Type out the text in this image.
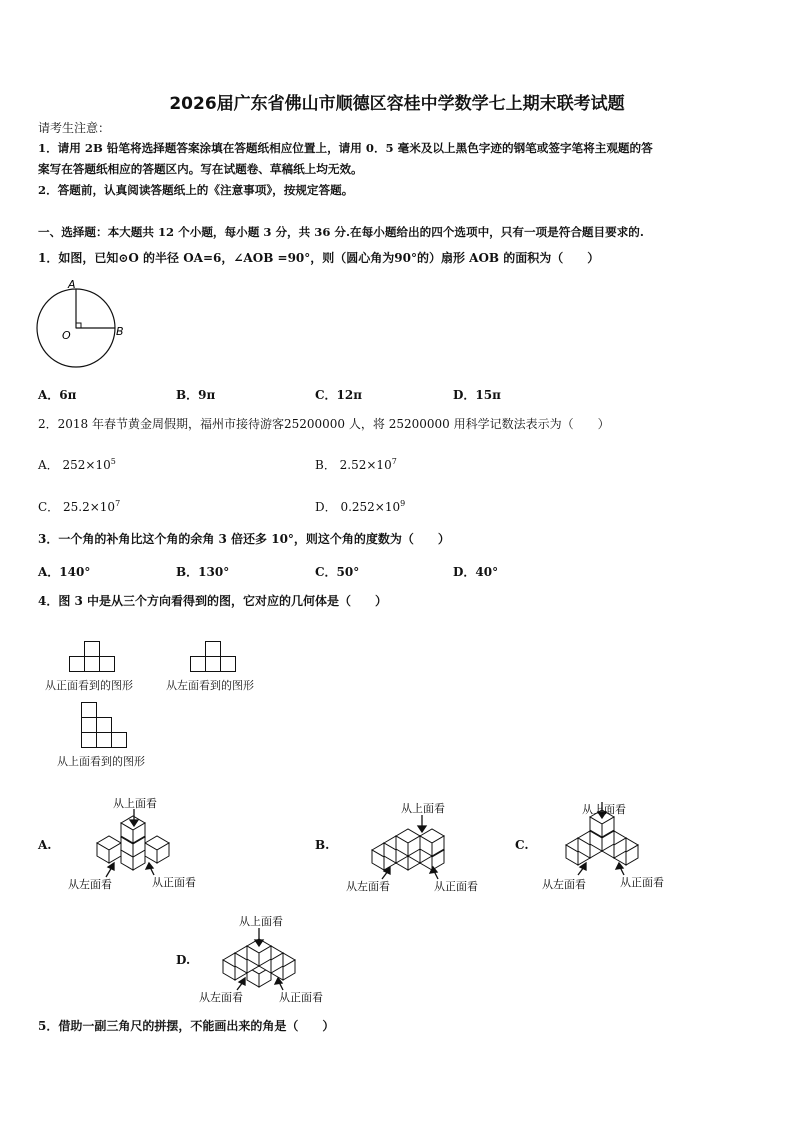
2026届广东省佛山市顺德区容桂中学数学七上期末联考试题
请考生注意：
1．请用 2B 铅笔将选择题答案涂填在答题纸相应位置上，请用 0．5 毫米及以上黑色字迹的钢笔或签字笔将主观题的答
案写在答题纸相应的答题区内。写在试题卷、草稿纸上均无效。
2．答题前，认真阅读答题纸上的《注意事项》，按规定答题。
一、选择题：本大题共 12 个小题，每小题 3 分，共 36 分.在每小题给出的四个选项中，只有一项是符合题目要求的.
1．如图，已知⊙O 的半径 OA=6，∠AOB =90°，则（圆心角为90°的）扇形 AOB 的面积为（　　）
A
B
O
A．6π	B．9π	C．12π	D．15π
2．2018 年春节黄金周假期，福州市接待游客25200000 人，将 25200000 用科学记数法表示为（　　）
A． $252\times 10^5$	B． $2.52\times 10^7$
C． $25.2\times 10^7$	D． $0.252\times 10^9$
3．一个角的补角比这个角的余角 3 倍还多 10°，则这个角的度数为（　　）
A．140°	B．130°	C．50°	D．40°
4．图 3 中是从三个方向看得到的图，它对应的几何体是（　　）
从正面看到的图形	从左面看到的图形
从上面看到的图形
A.
从上面看
从左面看	从正面看
B.
从上面看
从左面看	从正面看
C.
从上面看
从左面看	从正面看
D.
从上面看
从左面看	从正面看
5．借助一副三角尺的拼摆，不能画出来的角是（　　）
